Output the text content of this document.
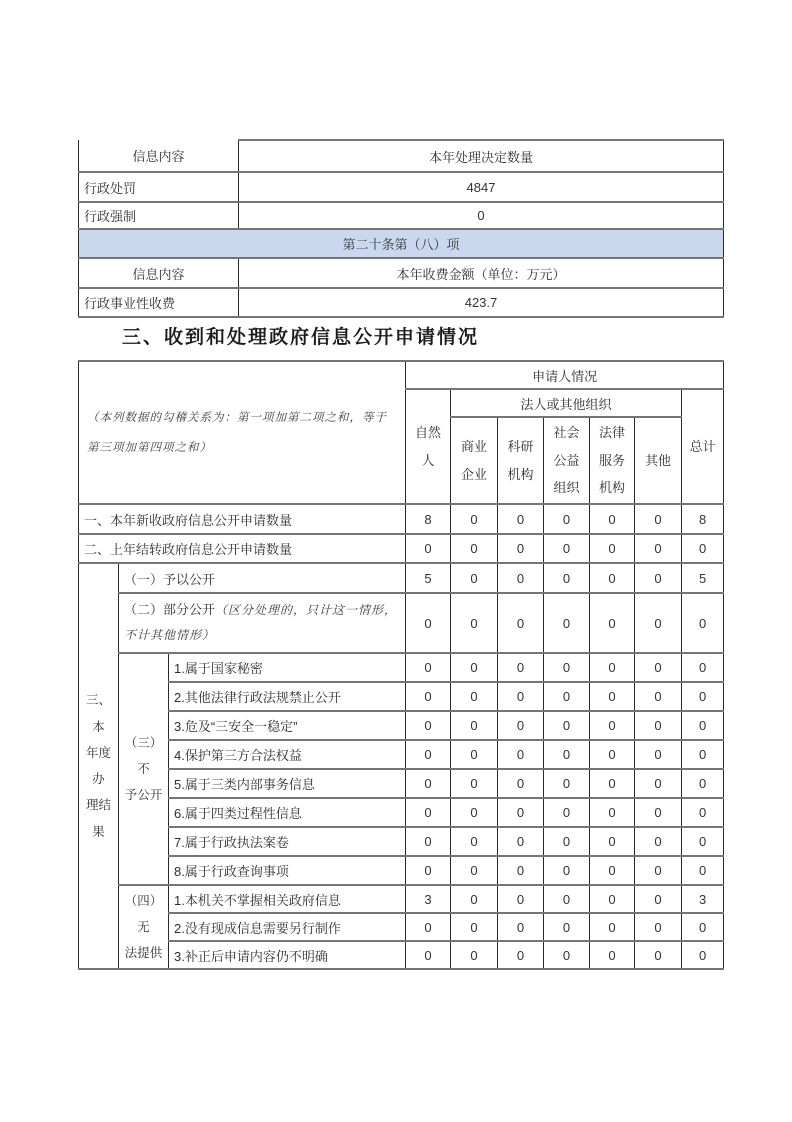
信息内容	本年处理决定数量
行政处罚	4847
行政强制	0
第二十条第（八）项	
信息内容	本年收费金额（单位：万元）
行政事业性收费	423.7
三、收到和处理政府信息公开申请情况
（本列数据的勾稽关系为：第一项加第二项之和，等于
第三项加第四项之和）			申请人情况						
			自然人	法人或其他组织					总计
				商业企业	科研机构	社会公益组织	法律服务机构	其他	
一、本年新收政府信息公开申请数量			8	0	0	0	0	0	8
二、上年结转政府信息公开申请数量			0	0	0	0	0	0	0

三、本
年度办
理结果	（一）予以公开		5	0	0	0	0	0	5
	（二）部分公开（区分处理的，只计这一情形，不计其他情形）		0	0	0	0	0	0	0

	（三）不
予公开	1.属于国家秘密	0	0	0	0	0	0	0
		2.其他法律行政法规禁止公开	0	0	0	0	0	0	0
		3.危及“三安全一稳定”	0	0	0	0	0	0	0
		4.保护第三方合法权益	0	0	0	0	0	0	0
		5.属于三类内部事务信息	0	0	0	0	0	0	0
		6.属于四类过程性信息	0	0	0	0	0	0	0
		7.属于行政执法案卷	0	0	0	0	0	0	0
		8.属于行政查询事项	0	0	0	0	0	0	0

	（四）无
法提供	1.本机关不掌握相关政府信息	3	0	0	0	0	0	3
		2.没有现成信息需要另行制作	0	0	0	0	0	0	0
		3.补正后申请内容仍不明确	0	0	0	0	0	0	0
